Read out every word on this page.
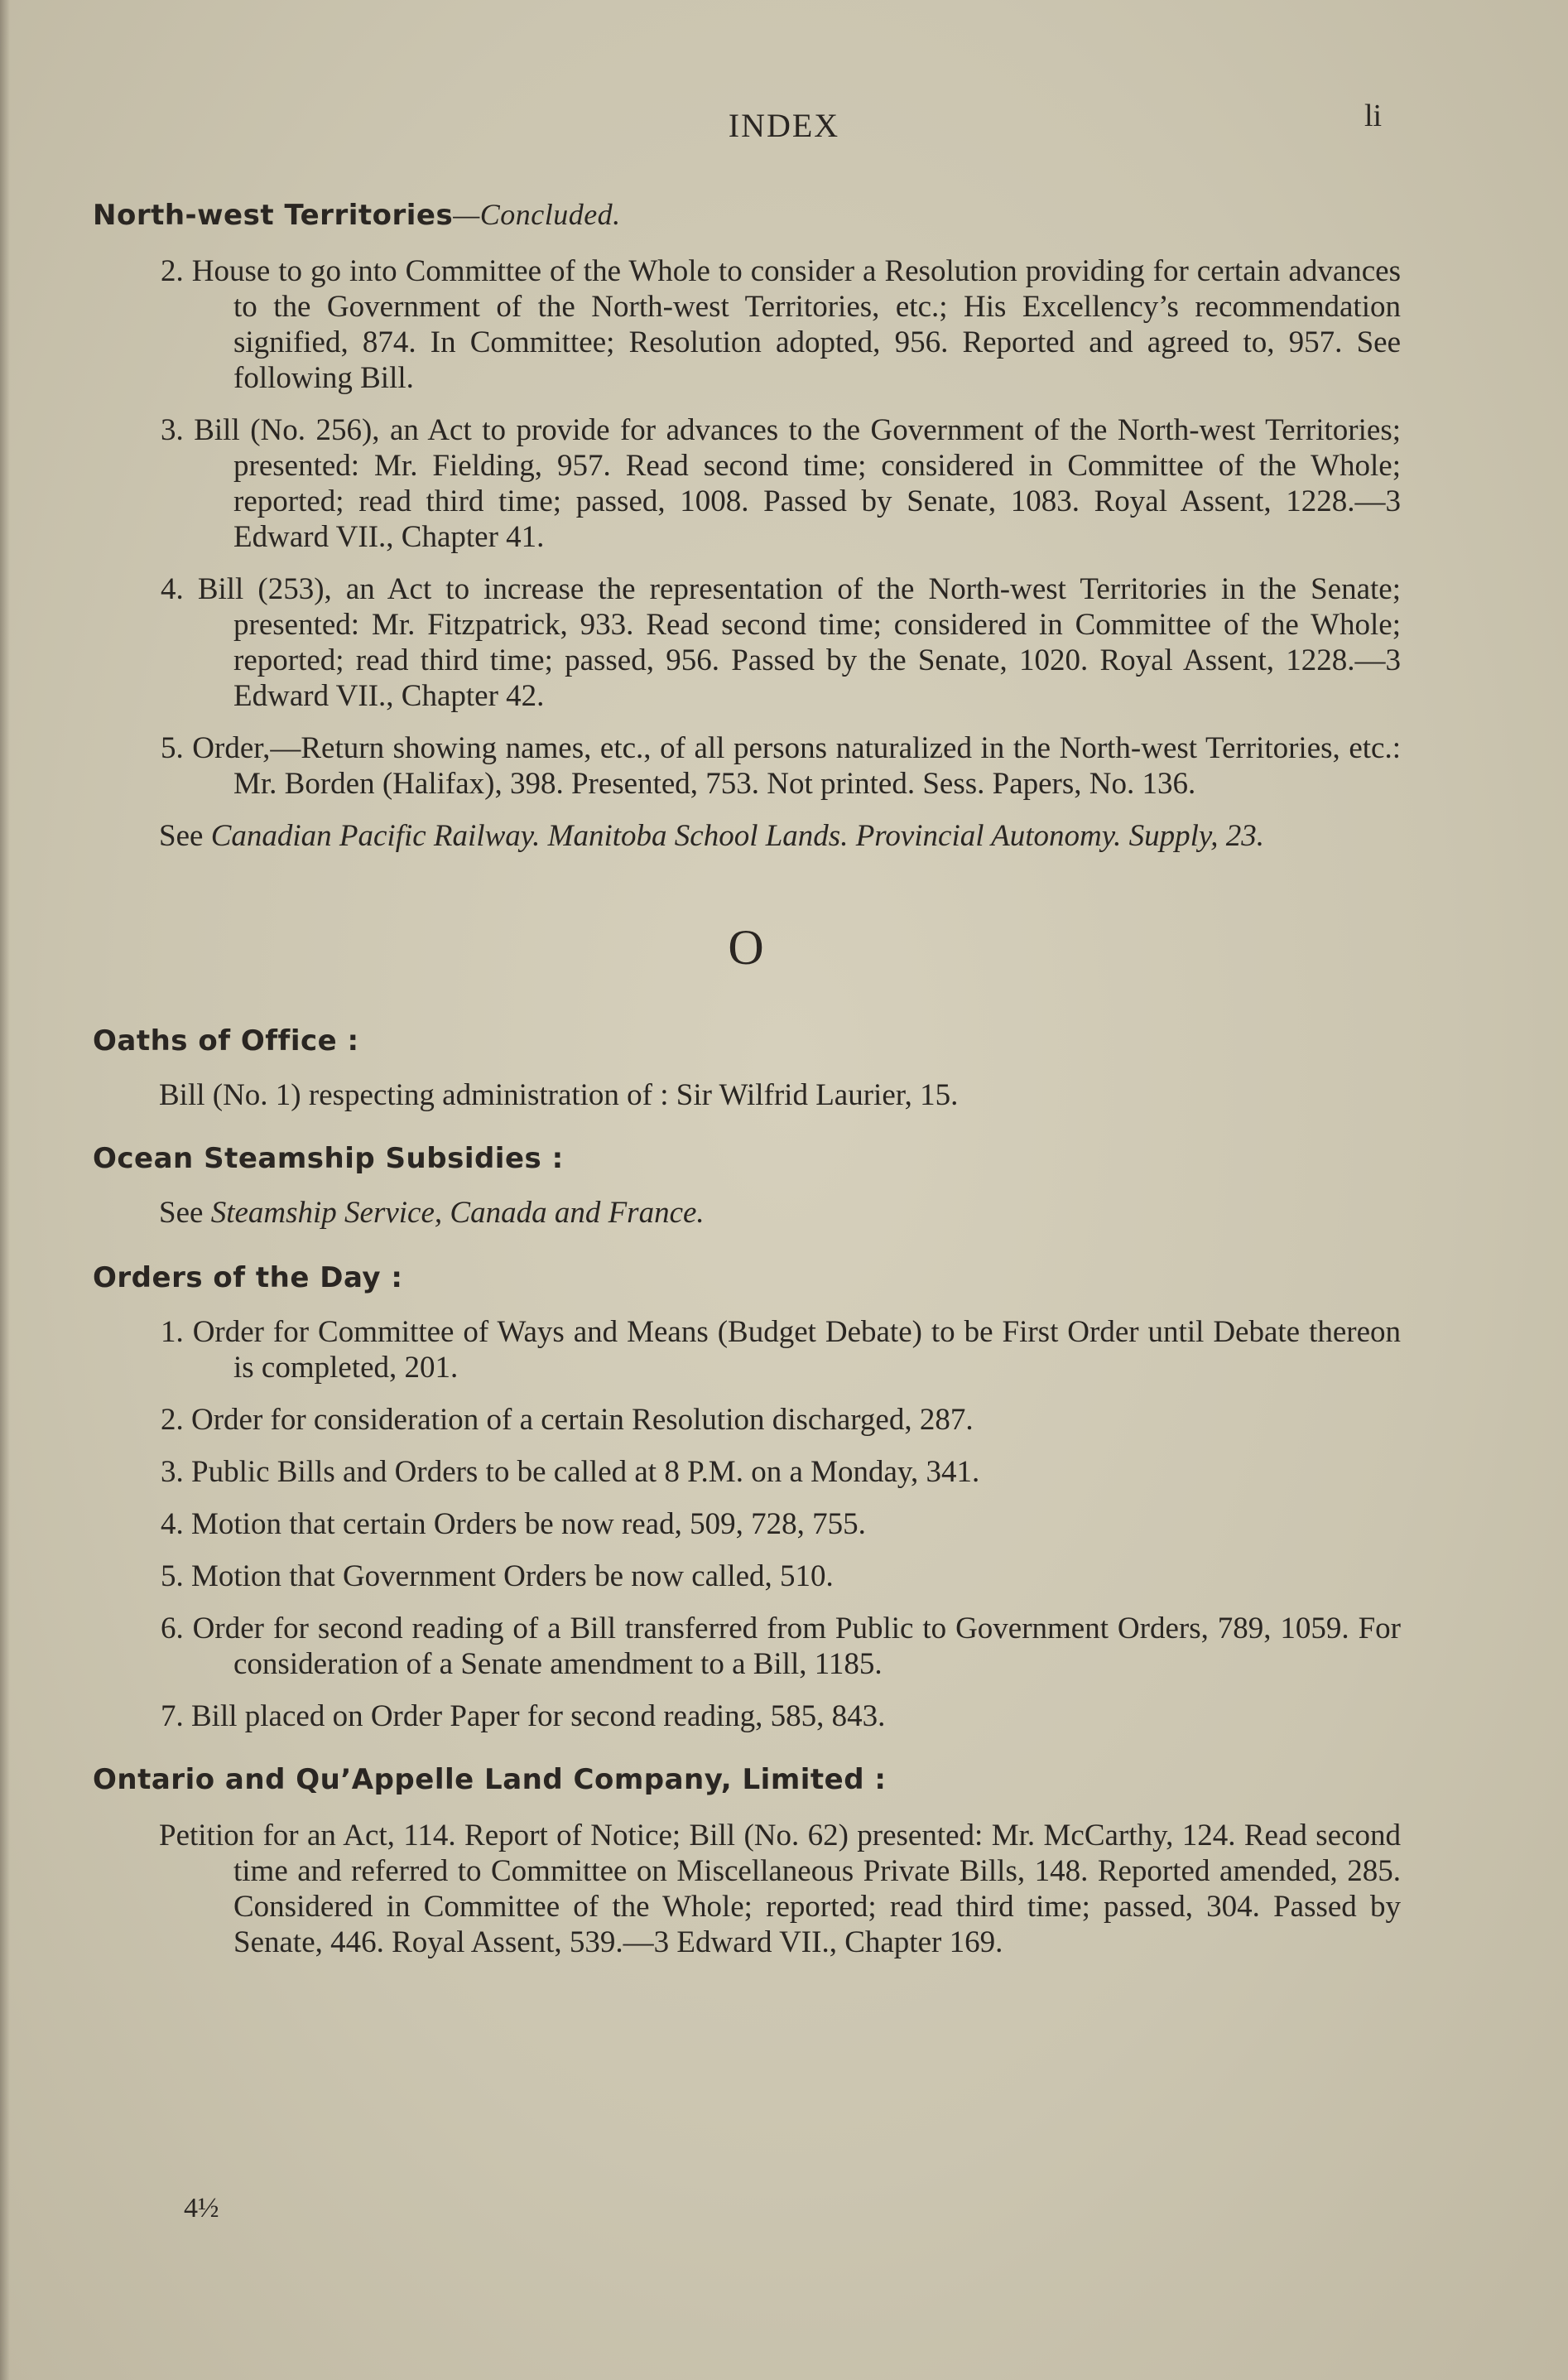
INDEX	li

North-west Territories—Concluded.

2. House to go into Committee of the Whole to consider a Resolution providing for certain advances to the Government of the North-west Territories, etc.; His Excellency’s recommendation signified, 874. In Committee; Resolution adopted, 956. Reported and agreed to, 957. See following Bill.

3. Bill (No. 256), an Act to provide for advances to the Government of the North-west Territories; presented: Mr. Fielding, 957. Read second time; considered in Committee of the Whole; reported; read third time; passed, 1008. Passed by Senate, 1083. Royal Assent, 1228.—3 Edward VII., Chapter 41.

4. Bill (253), an Act to increase the representation of the North-west Territories in the Senate; presented: Mr. Fitzpatrick, 933. Read second time; considered in Committee of the Whole; reported; read third time; passed, 956. Passed by the Senate, 1020. Royal Assent, 1228.—3 Edward VII., Chapter 42.

5. Order,—Return showing names, etc., of all persons naturalized in the North-west Territories, etc.: Mr. Borden (Halifax), 398. Presented, 753. Not printed. Sess. Papers, No. 136.

See Canadian Pacific Railway. Manitoba School Lands. Provincial Autonomy. Supply, 23.

O

Oaths of Office :

Bill (No. 1) respecting administration of : Sir Wilfrid Laurier, 15.

Ocean Steamship Subsidies :

See Steamship Service, Canada and France.

Orders of the Day :

1. Order for Committee of Ways and Means (Budget Debate) to be First Order until Debate thereon is completed, 201.

2. Order for consideration of a certain Resolution discharged, 287.

3. Public Bills and Orders to be called at 8 P.M. on a Monday, 341.

4. Motion that certain Orders be now read, 509, 728, 755.

5. Motion that Government Orders be now called, 510.

6. Order for second reading of a Bill transferred from Public to Government Orders, 789, 1059. For consideration of a Senate amendment to a Bill, 1185.

7. Bill placed on Order Paper for second reading, 585, 843.

Ontario and Qu’Appelle Land Company, Limited :

Petition for an Act, 114. Report of Notice; Bill (No. 62) presented: Mr. McCarthy, 124. Read second time and referred to Committee on Miscellaneous Private Bills, 148. Reported amended, 285. Considered in Committee of the Whole; reported; read third time; passed, 304. Passed by Senate, 446. Royal Assent, 539.—3 Edward VII., Chapter 169.

4½
